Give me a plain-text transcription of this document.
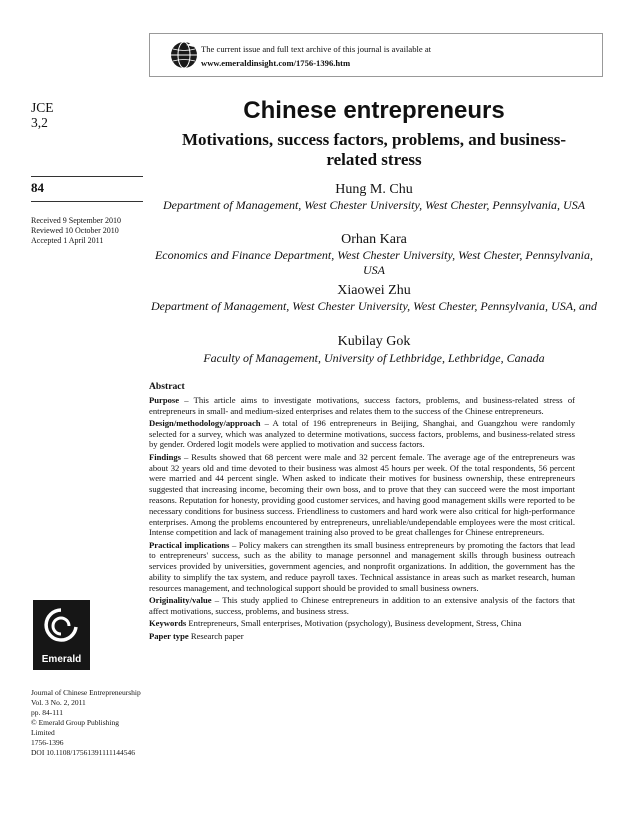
The current issue and full text archive of this journal is available at
www.emeraldinsight.com/1756-1396.htm
JCE
3,2
84
Received 9 September 2010
Reviewed 10 October 2010
Accepted 1 April 2011
Emerald
Journal of Chinese Entrepreneurship
Vol. 3 No. 2, 2011
pp. 84-111
© Emerald Group Publishing Limited
1756-1396
DOI 10.1108/17561391111144546
Chinese entrepreneurs
Motivations, success factors, problems, and business-related stress
Hung M. Chu
Department of Management, West Chester University, West Chester, Pennsylvania, USA
Orhan Kara
Economics and Finance Department, West Chester University, West Chester, Pennsylvania, USA
Xiaowei Zhu
Department of Management, West Chester University, West Chester, Pennsylvania, USA, and
Kubilay Gok
Faculty of Management, University of Lethbridge, Lethbridge, Canada
Abstract

Purpose – This article aims to investigate motivations, success factors, problems, and business-related stress of entrepreneurs in small- and medium-sized enterprises and relates them to the success of the Chinese entrepreneurs.

Design/methodology/approach – A total of 196 entrepreneurs in Beijing, Shanghai, and Guangzhou were randomly selected for a survey, which was analyzed to determine motivations, success factors, problems, and business-related stress by gender. Ordered logit models were applied to motivation and success factors.

Findings – Results showed that 68 percent were male and 32 percent female. The average age of the entrepreneurs was about 32 years old and time devoted to their business was almost 45 hours per week. Of the total respondents, 56 percent were married and 44 percent single. When asked to indicate their motives for business ownership, these entrepreneurs suggested that increasing income, becoming their own boss, and to prove that they can succeed were the most important reasons. Reputation for honesty, providing good customer services, and having good management skills were reported to be necessary conditions for business success. Friendliness to customers and hard work were also critical for high-performance enterprises. Among the problems encountered by entrepreneurs, unreliable/undependable employees were the most critical. Intense competition and lack of management training also proved to be great challenges for Chinese entrepreneurs.

Practical implications – Policy makers can strengthen its small business entrepreneurs by promoting the factors that lead to entrepreneurs' success, such as the ability to manage personnel and management skills through business outreach services provided by universities, government agencies, and nonprofit organizations. In addition, the government has the ability to simplify the tax system, and reduce payroll taxes. Technical assistance in areas such as market research, human resources management, and technological support should be provided to small business owners.

Originality/value – This study applied to Chinese entrepreneurs in addition to an extensive analysis of the factors that affect motivations, success, problems, and business stress.

Keywords Entrepreneurs, Small enterprises, Motivation (psychology), Business development, Stress, China

Paper type Research paper
